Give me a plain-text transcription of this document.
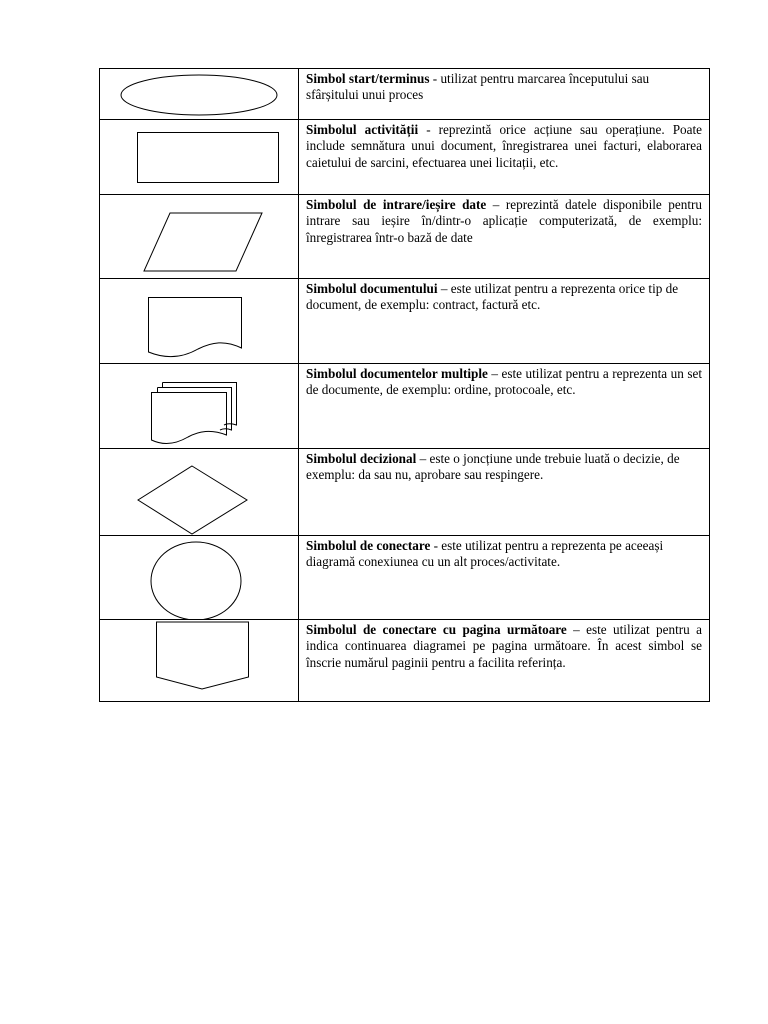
	Simbol start/terminus - utilizat pentru marcarea începutului sau sfârșitului unui proces

	Simbolul activității - reprezintă orice acțiune sau operațiune. Poate include semnătura unui document, înregistrarea unei facturi, elaborarea caietului de sarcini, efectuarea unei licitații, etc.

	Simbolul de intrare/ieșire date – reprezintă datele disponibile pentru intrare sau ieșire în/dintr-o aplicație computerizată, de exemplu: înregistrarea într-o bază de date

	Simbolul documentului – este utilizat pentru a reprezenta orice tip de document, de exemplu: contract, factură etc.

	Simbolul documentelor multiple – este utilizat pentru a reprezenta un set de documente, de exemplu: ordine, protocoale, etc.

	Simbolul decizional – este o joncțiune unde trebuie luată o decizie, de exemplu: da sau nu, aprobare sau respingere.

	Simbolul de conectare - este utilizat pentru a reprezenta pe aceeași diagramă conexiunea cu un alt proces/activitate.

	Simbolul de conectare cu pagina următoare – este utilizat pentru a indica continuarea diagramei pe pagina următoare. În acest simbol se înscrie numărul paginii pentru a facilita referința.
